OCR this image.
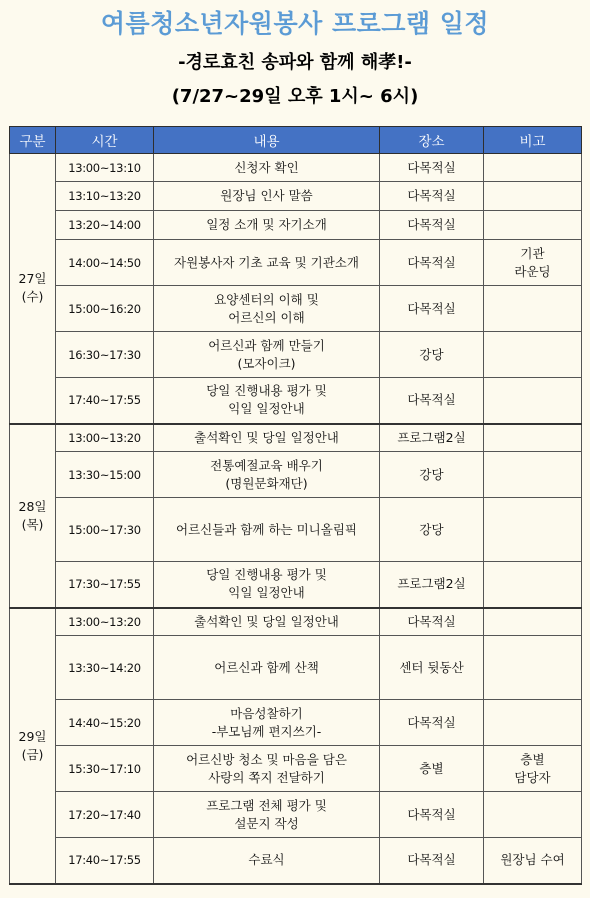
여름청소년자원봉사 프로그램 일정
-경로효친 송파와 함께 해孝!-
(7/27~29일 오후 1시~ 6시)
구분	시간	내용	장소	비고

27일
(수)	13:00~13:10	신청자 확인	다목적실	

	13:10~13:20	원장님 인사 말씀	다목적실	

	13:20~14:00	일정 소개 및 자기소개	다목적실	

	14:00~14:50	자원봉사자 기초 교육 및 기관소개	다목적실	기관
라운딩

	15:00~16:20	요양센터의 이해 및
어르신의 이해	다목적실	

	16:30~17:30	어르신과 함께 만들기
(모자이크)	강당	

	17:40~17:55	당일 진행내용 평가 및
익일 일정안내	다목적실	

28일
(목)	13:00~13:20	출석확인 및 당일 일정안내	프로그램2실	

	13:30~15:00	전통예절교육 배우기
(명원문화재단)	강당	

	15:00~17:30	어르신들과 함께 하는 미니올림픽	강당	

	17:30~17:55	당일 진행내용 평가 및
익일 일정안내	프로그램2실	

29일
(금)	13:00~13:20	출석확인 및 당일 일정안내	다목적실	

	13:30~14:20	어르신과 함께 산책	센터 뒷동산	

	14:40~15:20	마음성찰하기
-부모님께 편지쓰기-	다목적실	

	15:30~17:10	어르신방 청소 및 마음을 담은
사랑의 쪽지 전달하기	층별	층별
담당자

	17:20~17:40	프로그램 전체 평가 및
설문지 작성	다목적실	

	17:40~17:55	수료식	다목적실	원장님 수여
